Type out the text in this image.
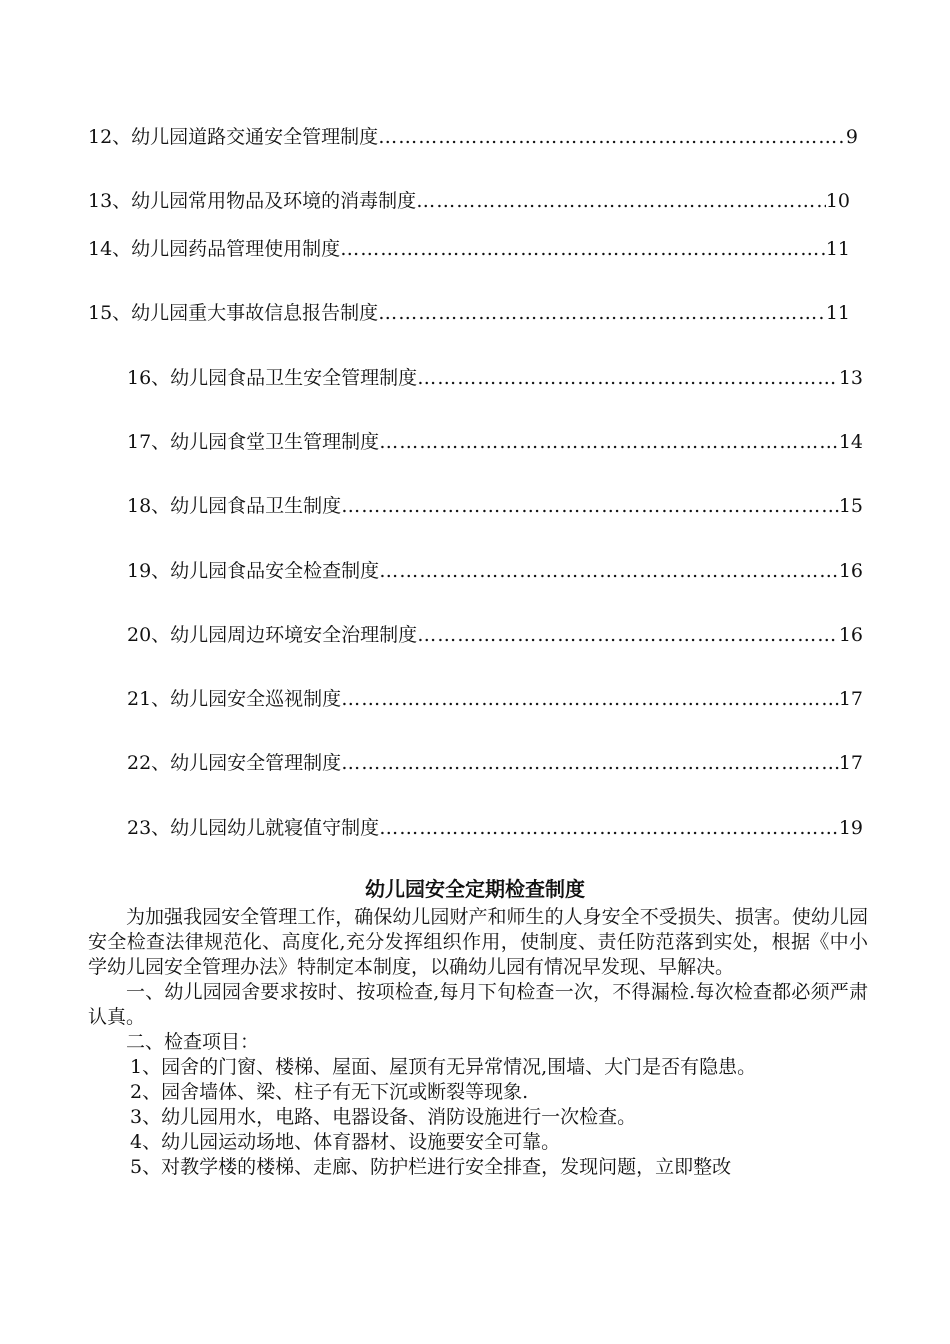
12、幼儿园道路交通安全管理制度 …………………………………………………………………………………………………………………………	9
13、幼儿园常用物品及环境的消毒制度 …………………………………………………………………………………………………………………………	10
14、幼儿园药品管理使用制度 …………………………………………………………………………………………………………………………	11
15、幼儿园重大事故信息报告制度 …………………………………………………………………………………………………………………………	11
16、幼儿园食品卫生安全管理制度 …………………………………………………………………………………………………………………………	13
17、幼儿园食堂卫生管理制度 …………………………………………………………………………………………………………………………	14
18、幼儿园食品卫生制度 …………………………………………………………………………………………………………………………	15
19、幼儿园食品安全检查制度 …………………………………………………………………………………………………………………………	16
20、幼儿园周边环境安全治理制度 …………………………………………………………………………………………………………………………	16
21、幼儿园安全巡视制度 …………………………………………………………………………………………………………………………	17
22、幼儿园安全管理制度 …………………………………………………………………………………………………………………………	17
23、幼儿园幼儿就寝值守制度 …………………………………………………………………………………………………………………………	19
幼儿园安全定期检查制度

为加强我园安全管理工作，确保幼儿园财产和师生的人身安全不受损失、损害。使幼儿园安全检查法律规范化、高度化,充分发挥组织作用，使制度、责任防范落到实处，根据《中小学幼儿园安全管理办法》特制定本制度，以确幼儿园有情况早发现、早解决。

一、幼儿园园舍要求按时、按项检查,每月下旬检查一次，不得漏检.每次检查都必须严肃认真。

二、检查项目：

1、园舍的门窗、楼梯、屋面、屋顶有无异常情况,围墙、大门是否有隐患。

2、园舍墙体、梁、柱子有无下沉或断裂等现象.

3、幼儿园用水，电路、电器设备、消防设施进行一次检查。

4、幼儿园运动场地、体育器材、设施要安全可靠。

5、对教学楼的楼梯、走廊、防护栏进行安全排查，发现问题，立即整改
